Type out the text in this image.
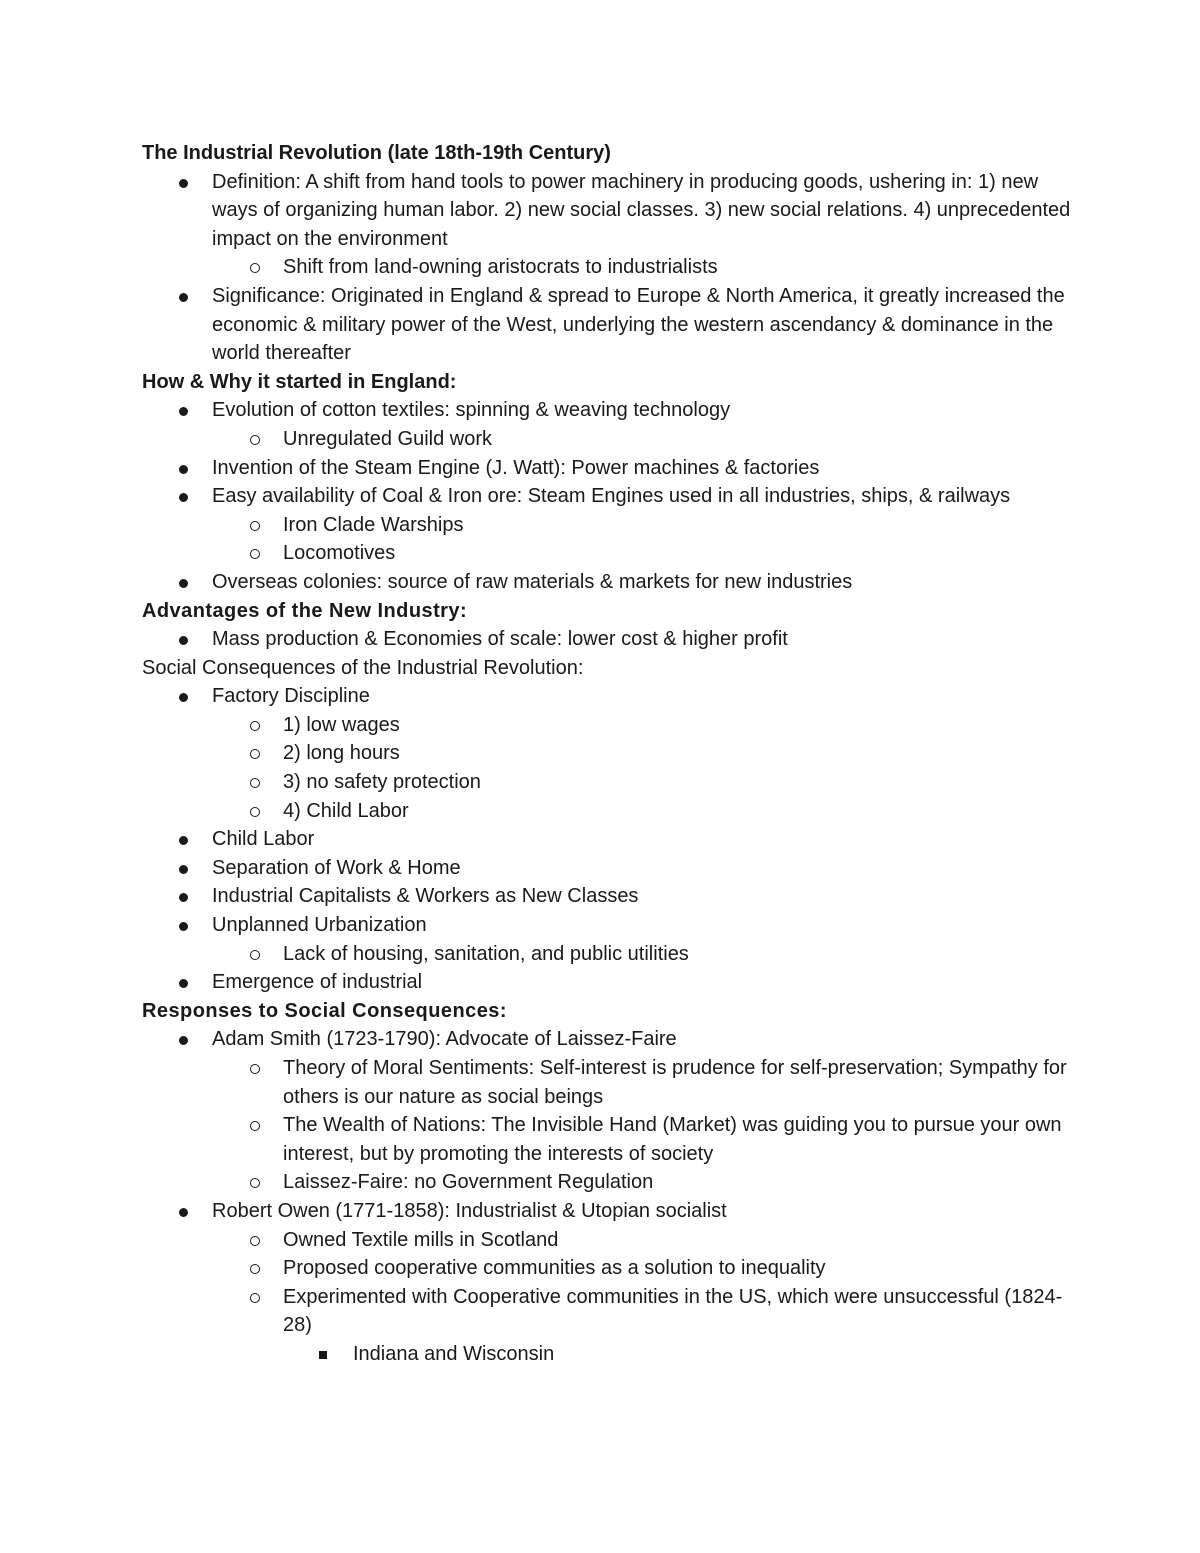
The Industrial Revolution (late 18th-19th Century)

Definition: A shift from hand tools to power machinery in producing goods, ushering in: 1) new ways of organizing human labor. 2) new social classes. 3) new social relations. 4) unprecedented impact on the environment
Shift from land-owning aristocrats to industrialists
Significance: Originated in England & spread to Europe & North America, it greatly increased the economic & military power of the West, underlying the western ascendancy & dominance in the world thereafter

How & Why it started in England:

Evolution of cotton textiles: spinning & weaving technology
Unregulated Guild work
Invention of the Steam Engine (J. Watt): Power machines & factories
Easy availability of Coal & Iron ore: Steam Engines used in all industries, ships, & railways
Iron Clade Warships
Locomotives
Overseas colonies: source of raw materials & markets for new industries

Advantages of the New Industry:

Mass production & Economies of scale: lower cost & higher profit

Social Consequences of the Industrial Revolution:

Factory Discipline
1) low wages
2) long hours
3) no safety protection
4) Child Labor
Child Labor
Separation of Work & Home
Industrial Capitalists & Workers as New Classes
Unplanned Urbanization
Lack of housing, sanitation, and public utilities
Emergence of industrial

Responses to Social Consequences:

Adam Smith (1723-1790): Advocate of Laissez-Faire
Theory of Moral Sentiments: Self-interest is prudence for self-preservation; Sympathy for others is our nature as social beings
The Wealth of Nations: The Invisible Hand (Market) was guiding you to pursue your own interest, but by promoting the interests of society
Laissez-Faire: no Government Regulation
Robert Owen (1771-1858): Industrialist & Utopian socialist
Owned Textile mills in Scotland
Proposed cooperative communities as a solution to inequality
Experimented with Cooperative communities in the US, which were unsuccessful (1824-28)
Indiana and Wisconsin
